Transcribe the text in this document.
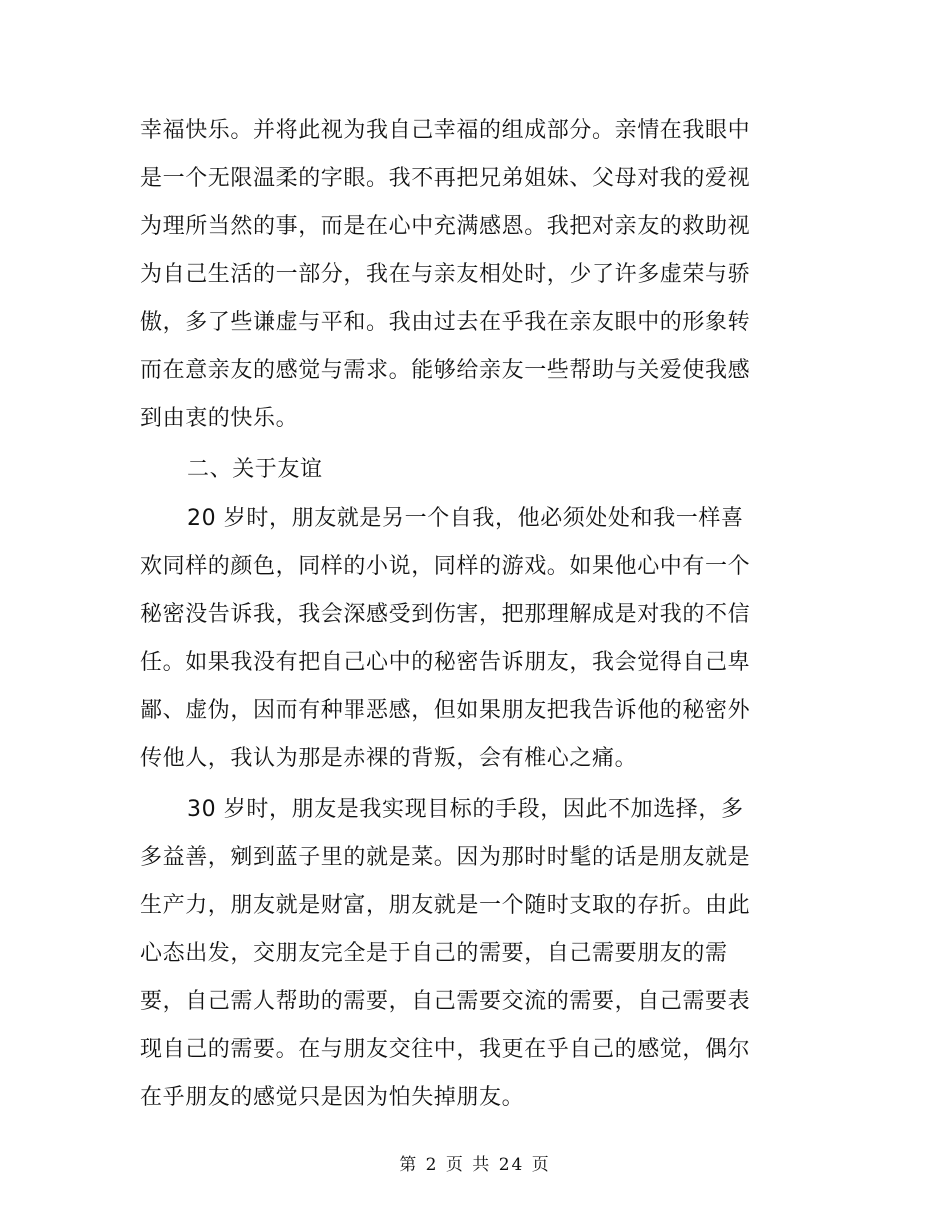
幸福快乐。并将此视为我自己幸福的组成部分。亲情在我眼中
是一个无限温柔的字眼。我不再把兄弟姐妹、父母对我的爱视
为理所当然的事，而是在心中充满感恩。我把对亲友的救助视
为自己生活的一部分，我在与亲友相处时，少了许多虚荣与骄
傲，多了些谦虚与平和。我由过去在乎我在亲友眼中的形象转
而在意亲友的感觉与需求。能够给亲友一些帮助与关爱使我感
到由衷的快乐。
二、关于友谊
20 岁时，朋友就是另一个自我，他必须处处和我一样喜
欢同样的颜色，同样的小说，同样的游戏。如果他心中有一个
秘密没告诉我，我会深感受到伤害，把那理解成是对我的不信
任。如果我没有把自己心中的秘密告诉朋友，我会觉得自己卑
鄙、虚伪，因而有种罪恶感，但如果朋友把我告诉他的秘密外
传他人，我认为那是赤裸的背叛，会有椎心之痛。
30 岁时，朋友是我实现目标的手段，因此不加选择，多
多益善，剜到蓝子里的就是菜。因为那时时髦的话是朋友就是
生产力，朋友就是财富，朋友就是一个随时支取的存折。由此
心态出发，交朋友完全是于自己的需要，自己需要朋友的需
要，自己需人帮助的需要，自己需要交流的需要，自己需要表
现自己的需要。在与朋友交往中，我更在乎自己的感觉，偶尔
在乎朋友的感觉只是因为怕失掉朋友。
第 2 页 共 24 页
